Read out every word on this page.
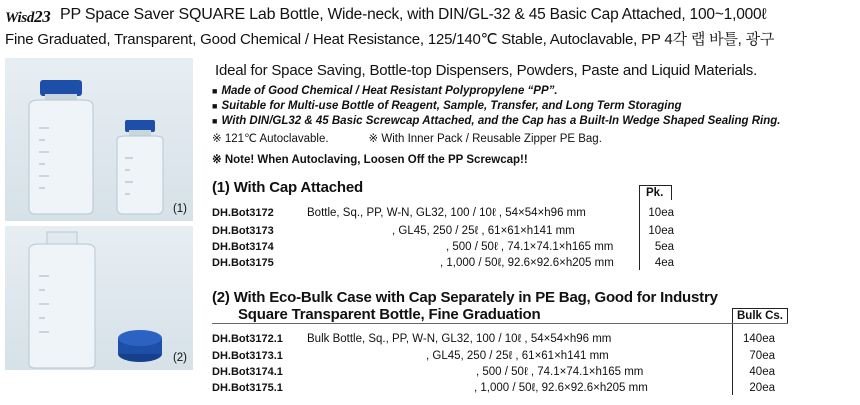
Wisd23 PP Space Saver SQUARE Lab Bottle, Wide-neck, with DIN/GL-32 & 45 Basic Cap Attached, 100~1,000ℓ
Fine Graduated, Transparent, Good Chemical / Heat Resistance, 125/140℃ Stable, Autoclavable, PP 4각 랩 바틀, 광구
(1)
(2)
Ideal for Space Saving, Bottle-top Dispensers, Powders, Paste and Liquid Materials.
■ Made of Good Chemical / Heat Resistant Polypropylene “PP”.
■ Suitable for Multi-use Bottle of Reagent, Sample, Transfer, and Long Term Storaging
■ With DIN/GL32 & 45 Basic Screwcap Attached, and the Cap has a Built-In Wedge Shaped Sealing Ring.
※ 121℃ Autoclavable.	※ With Inner Pack / Reusable Zipper PE Bag.
※ Note! When Autoclaving, Loosen Off the PP Screwcap!!
(1) With Cap Attached	Pk.
DH.Bot3172	Bottle, Sq., PP, W-N, GL32, 100 / 10ℓ , 54×54×h96 mm	10ea
DH.Bot3173	, GL45, 250 / 25ℓ , 61×61×h141 mm	10ea
DH.Bot3174	, 500 / 50ℓ , 74.1×74.1×h165 mm	5ea
DH.Bot3175	, 1,000 / 50ℓ, 92.6×92.6×h205 mm	4ea
(2) With Eco-Bulk Case with Cap Separately in PE Bag, Good for Industry
Square Transparent Bottle, Fine Graduation	Bulk Cs.
DH.Bot3172.1 Bulk Bottle, Sq., PP, W-N, GL32, 100 / 10ℓ , 54×54×h96 mm	140ea
DH.Bot3173.1	, GL45, 250 / 25ℓ , 61×61×h141 mm	70ea
DH.Bot3174.1	, 500 / 50ℓ , 74.1×74.1×h165 mm	40ea
DH.Bot3175.1	, 1,000 / 50ℓ, 92.6×92.6×h205 mm	20ea
